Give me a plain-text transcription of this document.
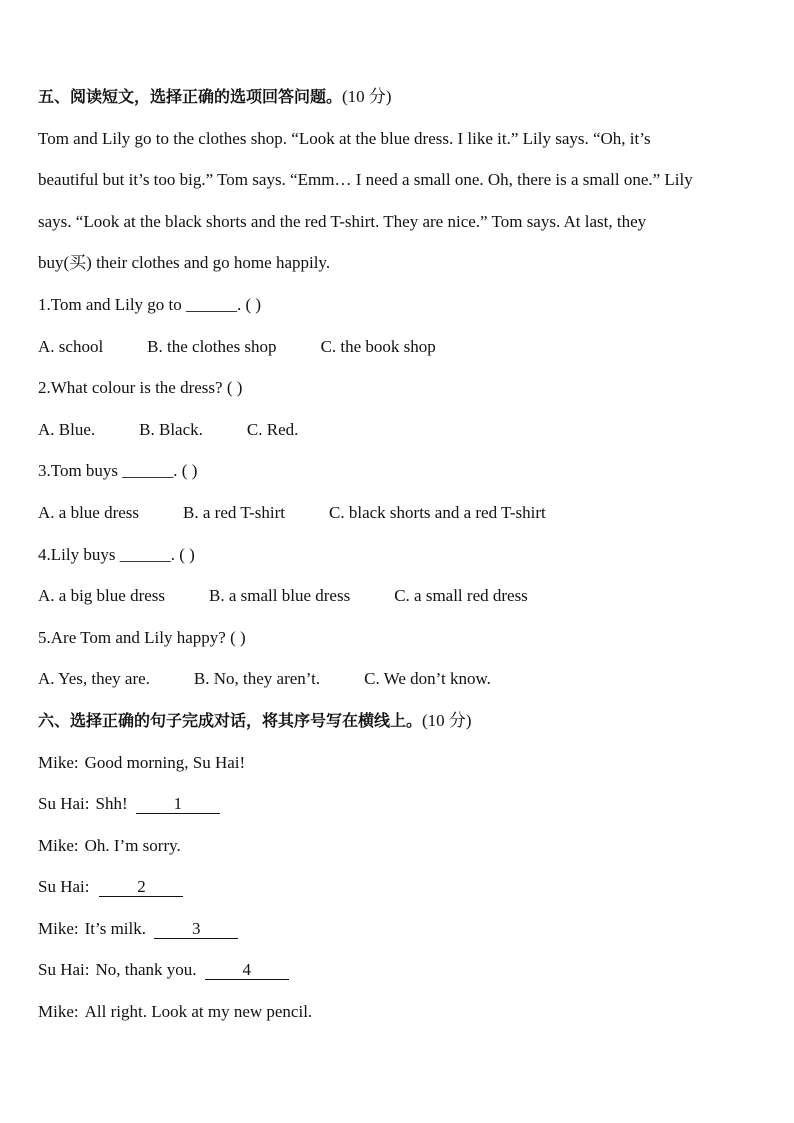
五、阅读短文，选择正确的选项回答问题。(10 分)
Tom and Lily go to the clothes shop. “Look at the blue dress. I like it.” Lily says. “Oh, it’s
beautiful but it’s too big.” Tom says. “Emm… I need a small one. Oh, there is a small one.” Lily
says. “Look at the black shorts and the red T-shirt. They are nice.” Tom says. At last, they
buy(买) their clothes and go home happily.
1.Tom and Lily go to ______. ( )
A. school	B. the clothes shop	C. the book shop
2.What colour is the dress? ( )
A. Blue.	B. Black.	C. Red.
3.Tom buys ______. ( )
A. a blue dress	B. a red T-shirt	C. black shorts and a red T-shirt
4.Lily buys ______. ( )
A. a big blue dress	B. a small blue dress	C. a small red dress
5.Are Tom and Lily happy? ( )
A. Yes, they are.	B. No, they aren’t.	C. We don’t know.
六、选择正确的句子完成对话，将其序号写在横线上。(10 分)
Mike: Good morning, Su Hai!
Su Hai: Shh!	1
Mike: Oh. I’m sorry.
Su Hai:	2
Mike: It’s milk.	3
Su Hai: No, thank you.	4
Mike: All right. Look at my new pencil.
